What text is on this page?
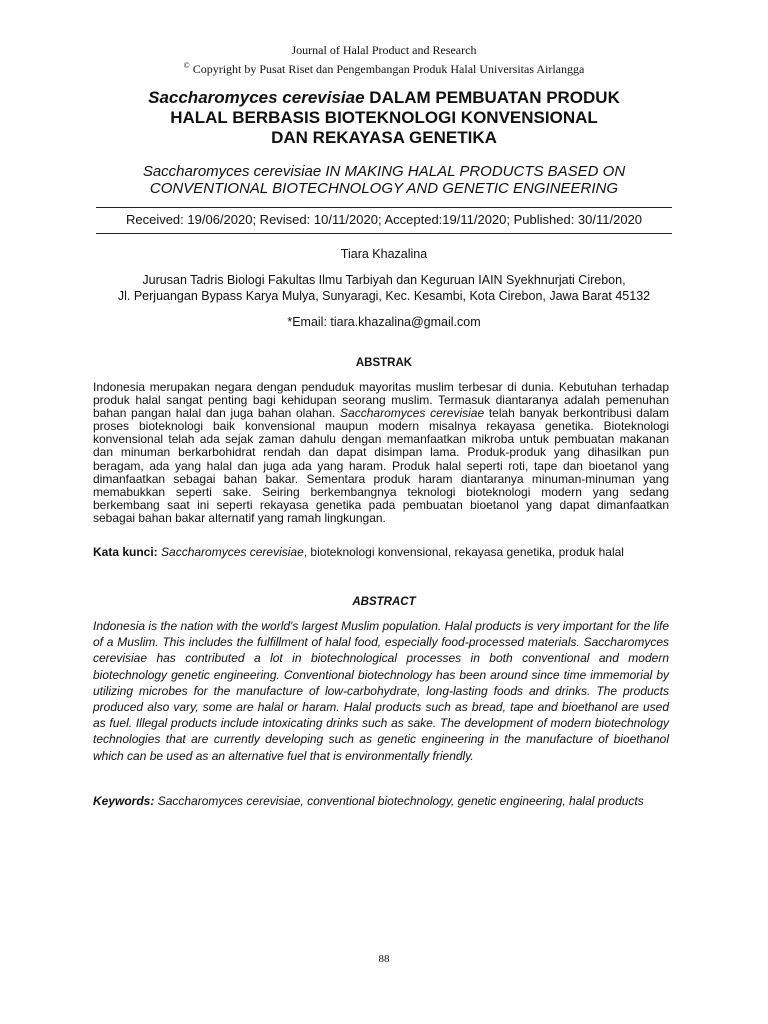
Journal of Halal Product and Research
© Copyright by Pusat Riset dan Pengembangan Produk Halal Universitas Airlangga
Saccharomyces cerevisiae DALAM PEMBUATAN PRODUK
HALAL BERBASIS BIOTEKNOLOGI KONVENSIONAL
DAN REKAYASA GENETIKA
Saccharomyces cerevisiae IN MAKING HALAL PRODUCTS BASED ON
CONVENTIONAL BIOTECHNOLOGY AND GENETIC ENGINEERING
Received: 19/06/2020; Revised: 10/11/2020; Accepted:19/11/2020; Published: 30/11/2020
Tiara Khazalina
Jurusan Tadris Biologi Fakultas Ilmu Tarbiyah dan Keguruan IAIN Syekhnurjati Cirebon,
Jl. Perjuangan Bypass Karya Mulya, Sunyaragi, Kec. Kesambi, Kota Cirebon, Jawa Barat 45132
*Email: tiara.khazalina@gmail.com
ABSTRAK
Indonesia merupakan negara dengan penduduk mayoritas muslim terbesar di dunia. Kebutuhan terhadap produk halal sangat penting bagi kehidupan seorang muslim. Termasuk diantaranya adalah pemenuhan bahan pangan halal dan juga bahan olahan. Saccharomyces cerevisiae telah banyak berkontribusi dalam proses bioteknologi baik konvensional maupun modern misalnya rekayasa genetika. Bioteknologi konvensional telah ada sejak zaman dahulu dengan memanfaatkan mikroba untuk pembuatan makanan dan minuman berkarbohidrat rendah dan dapat disimpan lama. Produk-produk yang dihasilkan pun beragam, ada yang halal dan juga ada yang haram. Produk halal seperti roti, tape dan bioetanol yang dimanfaatkan sebagai bahan bakar. Sementara produk haram diantaranya minuman-minuman yang memabukkan seperti sake. Seiring berkembangnya teknologi bioteknologi modern yang sedang berkembang saat ini seperti rekayasa genetika pada pembuatan bioetanol yang dapat dimanfaatkan sebagai bahan bakar alternatif yang ramah lingkungan.
Kata kunci: Saccharomyces cerevisiae, bioteknologi konvensional, rekayasa genetika, produk halal
ABSTRACT
Indonesia is the nation with the world's largest Muslim population. Halal products is very important for the life of a Muslim. This includes the fulfillment of halal food, especially food-processed materials. Saccharomyces cerevisiae has contributed a lot in biotechnological processes in both conventional and modern biotechnology genetic engineering. Conventional biotechnology has been around since time immemorial by utilizing microbes for the manufacture of low-carbohydrate, long-lasting foods and drinks. The products produced also vary, some are halal or haram. Halal products such as bread, tape and bioethanol are used as fuel. Illegal products include intoxicating drinks such as sake. The development of modern biotechnology technologies that are currently developing such as genetic engineering in the manufacture of bioethanol which can be used as an alternative fuel that is environmentally friendly.
Keywords: Saccharomyces cerevisiae, conventional biotechnology, genetic engineering, halal products
88
